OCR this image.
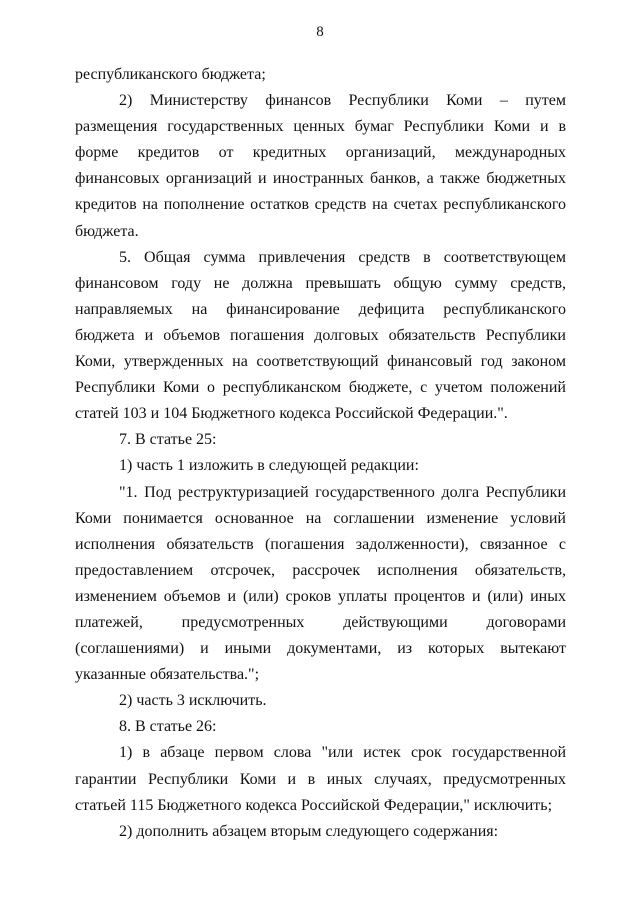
8

республиканского бюджета;

2) Министерству финансов Республики Коми – путем размещения государственных ценных бумаг Республики Коми и в форме кредитов от кредитных организаций, международных финансовых организаций и иностранных банков, а также бюджетных кредитов на пополнение остатков средств на счетах республиканского бюджета.

5. Общая сумма привлечения средств в соответствующем финансовом году не должна превышать общую сумму средств, направляемых на финансирование дефицита республиканского бюджета и объемов погашения долговых обязательств Республики Коми, утвержденных на соответствующий финансовый год законом Республики Коми о республиканском бюджете, с учетом положений статей 103 и 104 Бюджетного кодекса Российской Федерации.".

7. В статье 25:

1) часть 1 изложить в следующей редакции:

"1. Под реструктуризацией государственного долга Республики Коми понимается основанное на соглашении изменение условий исполнения обязательств (погашения задолженности), связанное с предоставлением отсрочек, рассрочек исполнения обязательств, изменением объемов и (или) сроков уплаты процентов и (или) иных платежей, предусмотренных действующими договорами (соглашениями) и иными документами, из которых вытекают указанные обязательства.";

2) часть 3 исключить.

8. В статье 26:

1) в абзаце первом слова "или истек срок государственной гарантии Республики Коми и в иных случаях, предусмотренных статьей 115 Бюджетного кодекса Российской Федерации," исключить;

2) дополнить абзацем вторым следующего содержания:
